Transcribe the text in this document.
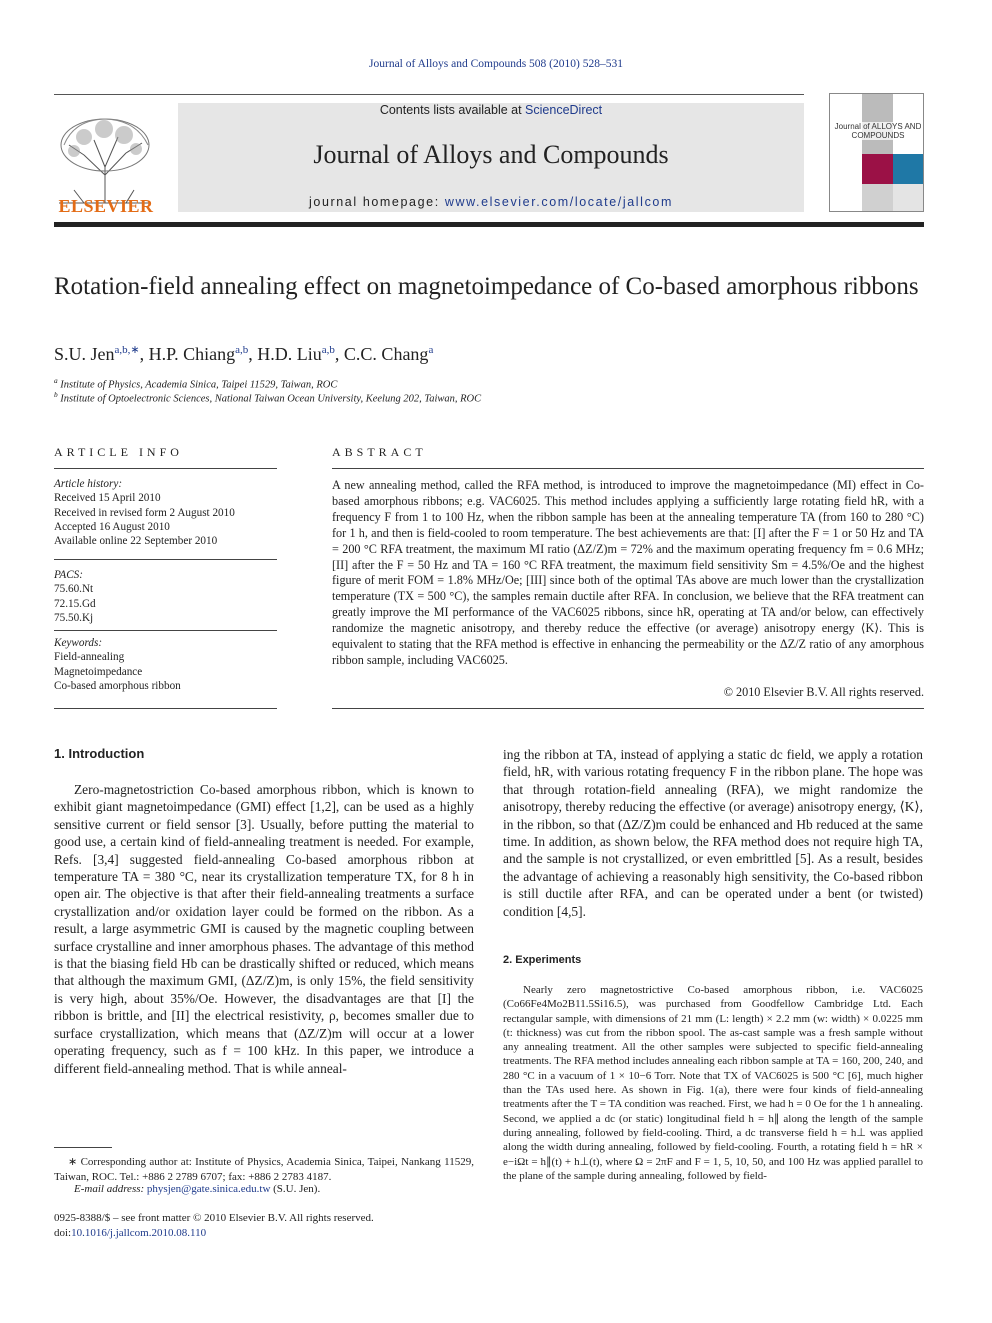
Journal of Alloys and Compounds 508 (2010) 528–531
ELSEVIER
Contents lists available at ScienceDirect
Journal of Alloys and Compounds
journal homepage: www.elsevier.com/locate/jallcom
Journal of ALLOYS AND COMPOUNDS
Rotation-field annealing effect on magnetoimpedance of Co-based amorphous ribbons
S.U. Jen$^{a,b,∗}$, H.P. Chiang$^{a,b}$, H.D. Liu$^{a,b}$, C.C. Chang$^a$
$^a$ Institute of Physics, Academia Sinica, Taipei 11529, Taiwan, ROC
$^b$ Institute of Optoelectronic Sciences, National Taiwan Ocean University, Keelung 202, Taiwan, ROC
ARTICLE INFO
Article history:
Received 15 April 2010
Received in revised form 2 August 2010
Accepted 16 August 2010
Available online 22 September 2010
PACS:
75.60.Nt
72.15.Gd
75.50.Kj
Keywords:
Field-annealing
Magnetoimpedance
Co-based amorphous ribbon
ABSTRACT
A new annealing method, called the RFA method, is introduced to improve the magnetoimpedance (MI) effect in Co-based amorphous ribbons; e.g. VAC6025. This method includes applying a sufficiently large rotating field hR, with a frequency F from 1 to 100 Hz, when the ribbon sample has been at the annealing temperature TA (from 160 to 280 °C) for 1 h, and then is field-cooled to room temperature. The best achievements are that: [I] after the F = 1 or 50 Hz and TA = 200 °C RFA treatment, the maximum MI ratio (ΔZ/Z)m = 72% and the maximum operating frequency fm = 0.6 MHz; [II] after the F = 50 Hz and TA = 160 °C RFA treatment, the maximum field sensitivity Sm = 4.5%/Oe and the highest figure of merit FOM = 1.8% MHz/Oe; [III] since both of the optimal TAs above are much lower than the crystallization temperature (TX = 500 °C), the samples remain ductile after RFA. In conclusion, we believe that the RFA treatment can greatly improve the MI performance of the VAC6025 ribbons, since hR, operating at TA and/or below, can effectively randomize the magnetic anisotropy, and thereby reduce the effective (or average) anisotropy energy ⟨K⟩. This is equivalent to stating that the RFA method is effective in enhancing the permeability or the ΔZ/Z ratio of any amorphous ribbon sample, including VAC6025.
© 2010 Elsevier B.V. All rights reserved.
1. Introduction
Zero-magnetostriction Co-based amorphous ribbon, which is known to exhibit giant magnetoimpedance (GMI) effect [1,2], can be used as a highly sensitive current or field sensor [3]. Usually, before putting the material to good use, a certain kind of field-annealing treatment is needed. For example, Refs. [3,4] suggested field-annealing Co-based amorphous ribbon at temperature TA = 380 °C, near its crystallization temperature TX, for 8 h in open air. The objective is that after their field-annealing treatments a surface crystallization and/or oxidation layer could be formed on the ribbon. As a result, a large asymmetric GMI is caused by the magnetic coupling between surface crystalline and inner amorphous phases. The advantage of this method is that the biasing field Hb can be drastically shifted or reduced, which means that although the maximum GMI, (ΔZ/Z)m, is only 15%, the field sensitivity is very high, about 35%/Oe. However, the disadvantages are that [I] the ribbon is brittle, and [II] the electrical resistivity, ρ, becomes smaller due to surface crystallization, which means that (ΔZ/Z)m will occur at a lower operating frequency, such as f = 100 kHz. In this paper, we introduce a different field-annealing method. That is while anneal-
ing the ribbon at TA, instead of applying a static dc field, we apply a rotation field, hR, with various rotating frequency F in the ribbon plane. The hope was that through rotation-field annealing (RFA), we might randomize the anisotropy, thereby reducing the effective (or average) anisotropy energy, ⟨K⟩, in the ribbon, so that (ΔZ/Z)m could be enhanced and Hb reduced at the same time. In addition, as shown below, the RFA method does not require high TA, and the sample is not crystallized, or even embrittled [5]. As a result, besides the advantage of achieving a reasonably high sensitivity, the Co-based ribbon is still ductile after RFA, and can be operated under a bent (or twisted) condition [4,5].
2. Experiments
Nearly zero magnetostrictive Co-based amorphous ribbon, i.e. VAC6025 (Co66Fe4Mo2B11.5Si16.5), was purchased from Goodfellow Cambridge Ltd. Each rectangular sample, with dimensions of 21 mm (L: length) × 2.2 mm (w: width) × 0.0225 mm (t: thickness) was cut from the ribbon spool. The as-cast sample was a fresh sample without any annealing treatment. All the other samples were subjected to specific field-annealing treatments. The RFA method includes annealing each ribbon sample at TA = 160, 200, 240, and 280 °C in a vacuum of 1 × 10−6 Torr. Note that TX of VAC6025 is 500 °C [6], much higher than the TAs used here. As shown in Fig. 1(a), there were four kinds of field-annealing treatments after the T = TA condition was reached. First, we had h = 0 Oe for the 1 h annealing. Second, we applied a dc (or static) longitudinal field h = h∥ along the length of the sample during annealing, followed by field-cooling. Third, a dc transverse field h = h⊥ was applied along the width during annealing, followed by field-cooling. Fourth, a rotating field h = hR × e−iΩt = h∥(t) + h⊥(t), where Ω = 2πF and F = 1, 5, 10, 50, and 100 Hz was applied parallel to the plane of the sample during annealing, followed by field-
∗ Corresponding author at: Institute of Physics, Academia Sinica, Taipei, Nankang 11529, Taiwan, ROC. Tel.: +886 2 2789 6707; fax: +886 2 2783 4187.
E-mail address: physjen@gate.sinica.edu.tw (S.U. Jen).
0925-8388/$ – see front matter © 2010 Elsevier B.V. All rights reserved.
doi:10.1016/j.jallcom.2010.08.110
